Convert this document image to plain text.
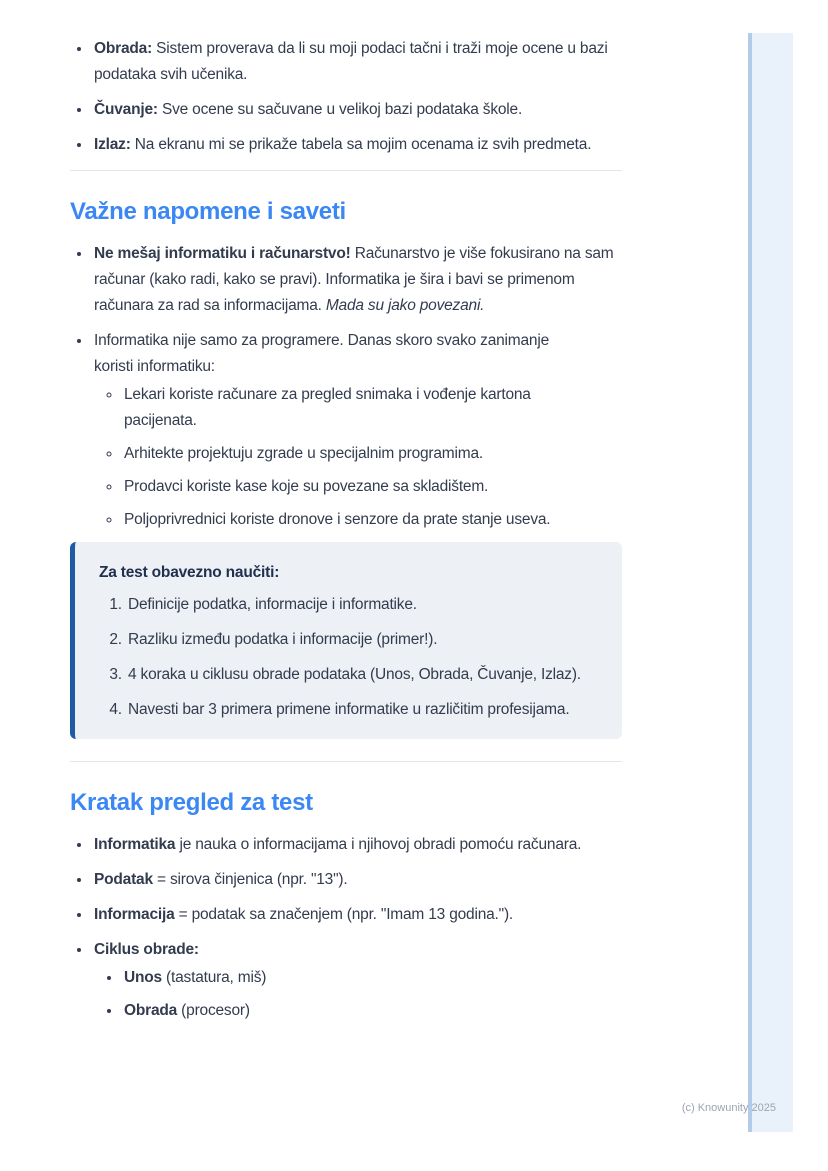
• Obrada: Sistem proverava da li su moji podaci tačni i traži moje ocene u bazi podataka svih učenika.
• Čuvanje: Sve ocene su sačuvane u velikoj bazi podataka škole.
• Izlaz: Na ekranu mi se prikaže tabela sa mojim ocenama iz svih predmeta.
Važne napomene i saveti
• Ne mešaj informatiku i računarstvo! Računarstvo je više fokusirano na sam računar (kako radi, kako se pravi). Informatika je šira i bavi se primenom računara za rad sa informacijama. Mada su jako povezani.
• Informatika nije samo za programere. Danas skoro svako zanimanje koristi informatiku:
◦ Lekari koriste računare za pregled snimaka i vođenje kartona pacijenata.
◦ Arhitekte projektuju zgrade u specijalnim programima.
◦ Prodavci koriste kase koje su povezane sa skladištem.
◦ Poljoprivrednici koriste dronove i senzore da prate stanje useva.

Za test obavezno naučiti:

1. Definicije podatka, informacije i informatike.
2. Razliku između podatka i informacije (primer!).
3. 4 koraka u ciklusu obrade podataka (Unos, Obrada, Čuvanje, Izlaz).
4. Navesti bar 3 primera primene informatike u različitim profesijama.
Kratak pregled za test
• Informatika je nauka o informacijama i njihovoj obradi pomoću računara.
• Podatak = sirova činjenica (npr. "13").
• Informacija = podatak sa značenjem (npr. "Imam 13 godina.").
• Ciklus obrade:
• Unos (tastatura, miš)
• Obrada (procesor)
(c) Knowunity 2025
